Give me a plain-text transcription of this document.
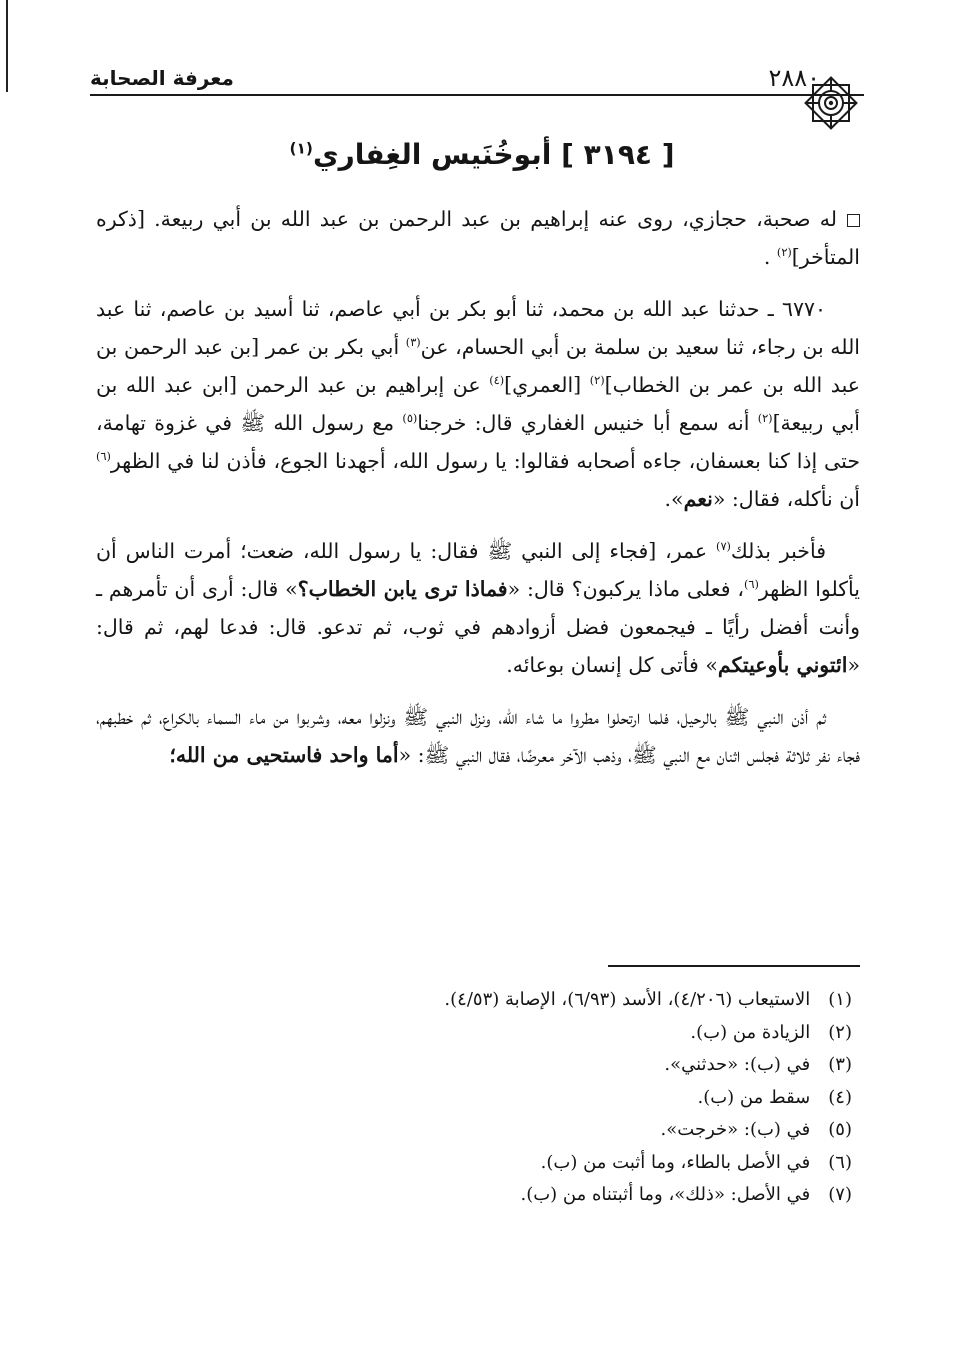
٢٨٨٠
معرفة الصحابة
[ ٣١٩٤ ] أبوخُنَيس الغِفاري$^{(١)}$

له صحبة، حجازي، روى عنه إبراهيم بن عبد الرحمن بن عبد الله بن أبي ربيعة. [ذكره المتأخر]$^{(٢)}$ .

٦٧٧٠ ـ حدثنا عبد الله بن محمد، ثنا أبو بكر بن أبي عاصم، ثنا أسيد بن عاصم، ثنا عبد الله بن رجاء، ثنا سعيد بن سلمة بن أبي الحسام، عن$^{(٣)}$ أبي بكر بن عمر [بن عبد الرحمن بن عبد الله بن عمر بن الخطاب]$^{(٢)}$ [العمري]$^{(٤)}$ عن إبراهيم بن عبد الرحمن [ابن عبد الله بن أبي ربيعة]$^{(٢)}$ أنه سمع أبا خنيس الغفاري قال: خرجنا$^{(٥)}$ مع رسول الله ﷺ في غزوة تهامة، حتى إذا كنا بعسفان، جاءه أصحابه فقالوا: يا رسول الله، أجهدنا الجوع، فأذن لنا في الظهر$^{(٦)}$ أن نأكله، فقال: «نعم».

فأخبر بذلك$^{(٧)}$ عمر، [فجاء إلى النبي ﷺ فقال: يا رسول الله، ضعت؛ أمرت الناس أن يأكلوا الظهر$^{(٦)}$، فعلى ماذا يركبون؟ قال: «فماذا ترى يابن الخطاب؟» قال: أرى أن تأمرهم ـ وأنت أفضل رأيًا ـ فيجمعون فضل أزوادهم في ثوب، ثم تدعو. قال: فدعا لهم، ثم قال: «ائتوني بأوعيتكم» فأتى كل إنسان بوعائه.

ثم أذن النبي ﷺ بالرحيل، فلما ارتحلوا مطروا ما شاء الله، ونزل النبي ﷺ ونزلوا معه، وشربوا من ماء السماء بالكراع، ثم خطبهم، فجاء نفر ثلاثة فجلس اثنان مع النبي ﷺ، وذهب الآخر معرضًا، فقال النبي ﷺ: «أما واحد فاستحيى من الله؛

(١) الاستيعاب (٤/٢٠٦)، الأسد (٦/٩٣)، الإصابة (٤/٥٣).
(٢) الزيادة من (ب).
(٣) في (ب): «حدثني».
(٤) سقط من (ب).
(٥) في (ب): «خرجت».
(٦) في الأصل بالطاء، وما أثبت من (ب).
(٧) في الأصل: «ذلك»، وما أثبتناه من (ب).
